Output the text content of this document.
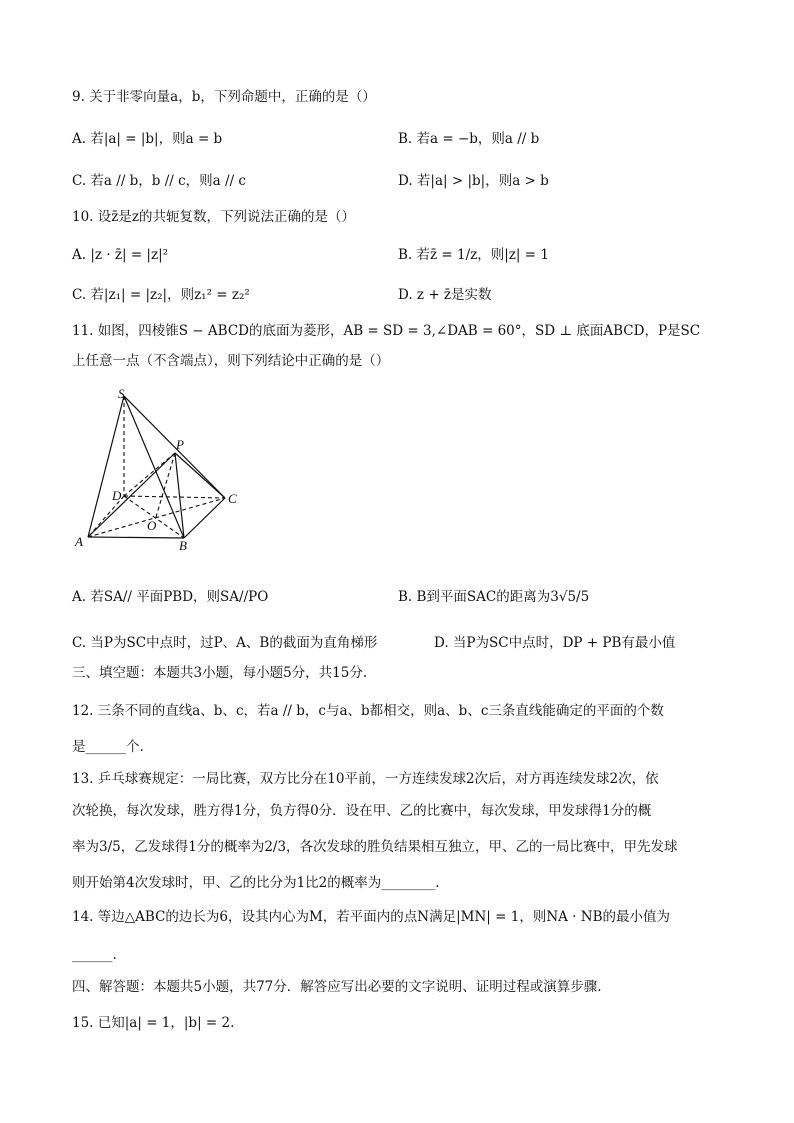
9. 关于非零向量a，b，下列命题中，正确的是（）
A. 若|a| = |b|，则a = b	B. 若a = −b，则a // b
C. 若a // b，b // c，则a // c	D. 若|a| > |b|，则a > b
10. 设z̄是z的共轭复数，下列说法正确的是（）
A. |z · z̄| = |z|²	B. 若z̄ = 1/z，则|z| = 1
C. 若|z₁| = |z₂|，则z₁² = z₂²	D. z + z̄是实数
11. 如图，四棱锥S − ABCD的底面为菱形，AB = SD = 3,∠DAB = 60°，SD ⊥ 底面ABCD，P是SC
上任意一点（不含端点），则下列结论中正确的是（）
S
P
D	C
O
A	B
A. 若SA// 平面PBD，则SA//PO	B. B到平面SAC的距离为3√5/5
C. 当P为SC中点时，过P、A、B的截面为直角梯形	D. 当P为SC中点时，DP + PB有最小值
三、填空题：本题共3小题，每小题5分，共15分.
12. 三条不同的直线a、b、c，若a // b，c与a、b都相交，则a、b、c三条直线能确定的平面的个数
是______个.
13. 乒乓球赛规定：一局比赛，双方比分在10平前，一方连续发球2次后，对方再连续发球2次，依
次轮换，每次发球，胜方得1分，负方得0分．设在甲、乙的比赛中，每次发球，甲发球得1分的概
率为3/5，乙发球得1分的概率为2/3，各次发球的胜负结果相互独立，甲、乙的一局比赛中，甲先发球
则开始第4次发球时，甲、乙的比分为1比2的概率为________.
14. 等边△ABC的边长为6，设其内心为M，若平面内的点N满足|MN| = 1，则NA · NB的最小值为
______.
四、解答题：本题共5小题，共77分．解答应写出必要的文字说明、证明过程或演算步骤.
15. 已知|a| = 1，|b| = 2.
